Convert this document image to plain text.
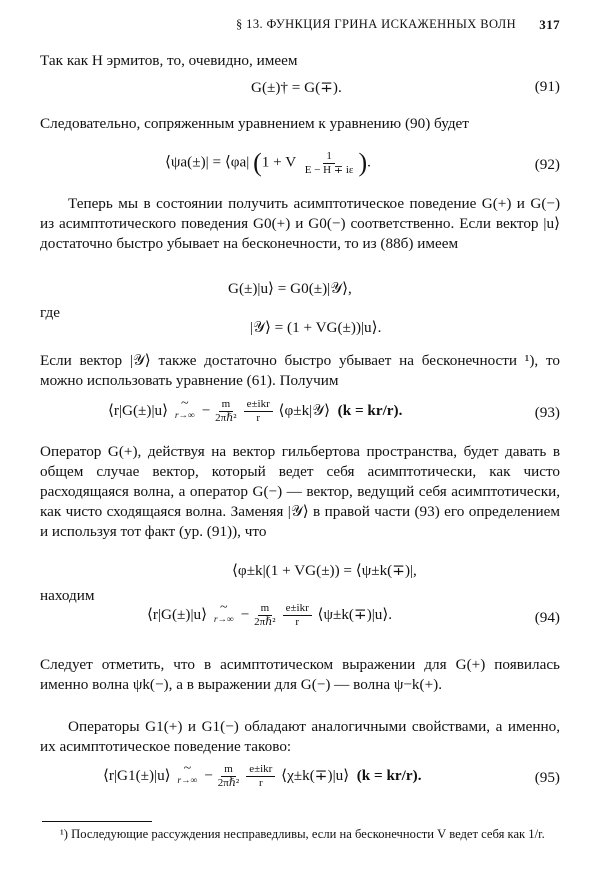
§ 13. ФУНКЦИЯ ГРИНА ИСКАЖЕННЫХ ВОЛН 317
Так как H эрмитов, то, очевидно, имеем
G(±)† = G(∓).	(91)
Следовательно, сопряженным уравнением к уравнению (90) будет
⟨ψa(±)| = ⟨φa| (1 + V $\frac{1}{E - H \mp i\varepsilon}$ ).	(92)
Теперь мы в состоянии получить асимптотическое поведение G(+) и G(−) из асимптотического поведения G0(+) и G0(−) соответственно. Если вектор |u⟩ достаточно быстро убывает на бесконечности, то из (88б) имеем
G(±)|u⟩ = G0(±)|𝒴⟩,
где
|𝒴⟩ = (1 + VG(±))|u⟩.
Если вектор |𝒴⟩ также достаточно быстро убывает на бесконечности ¹), то можно использовать уравнение (61). Получим
⟨r|G(±)|u⟩ ~
$r\to\infty - \frac{m}{\text{2πℏ²}} \frac{\text{e±ikr}}{r}$ ⟨φ±k|𝒴⟩ (k = kr/r).	(93)
Оператор G(+), действуя на вектор гильбертова пространства, будет давать в общем случае вектор, который ведет себя асимптотически, как чисто расходящаяся волна, а оператор G(−) — вектор, ведущий себя асимптотически, как чисто сходящаяся волна. Заменяя |𝒴⟩ в правой части (93) его определением и используя тот факт (ур. (91)), что
⟨φ±k|(1 + VG(±)) = ⟨ψ±k(∓)|,
находим
⟨r|G(±)|u⟩ ~
$r\to\infty - \frac{m}{\text{2πℏ²}} \frac{\text{e±ikr}}{r}$ ⟨ψ±k(∓)|u⟩.	(94)
Следует отметить, что в асимптотическом выражении для G(+) появилась именно волна ψk(−), а в выражении для G(−) — волна ψ−k(+).
Операторы G1(+) и G1(−) обладают аналогичными свойствами, а именно, их асимптотическое поведение таково:
⟨r|G1(±)|u⟩ ~
$r\to\infty - \frac{m}{\text{2πℏ²}} \frac{\text{e±ikr}}{r}$ ⟨χ±k(∓)|u⟩ (k = kr/r).	(95)
¹) Последующие рассуждения несправедливы, если на бесконечности V ведет себя как 1/r.
